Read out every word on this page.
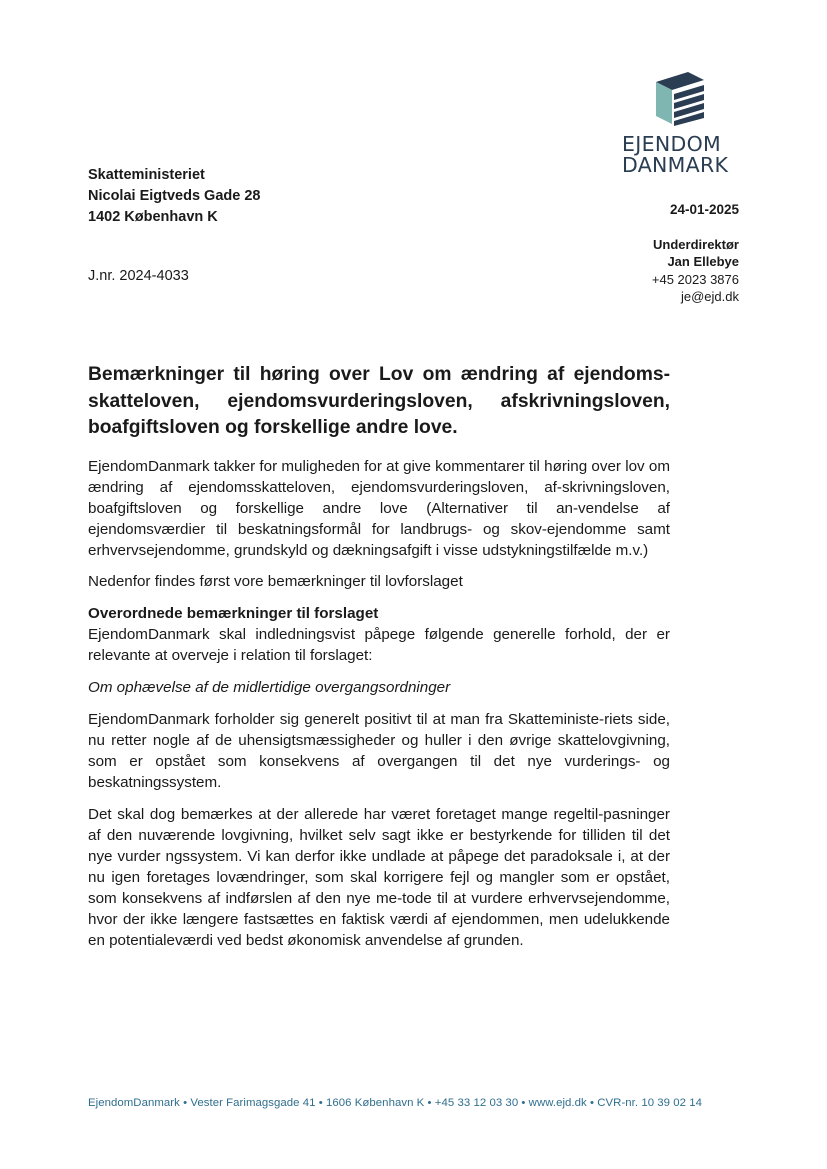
EJENDOM
DANMARK
Skatteministeriet
Nicolai Eigtveds Gade 28
1402 København K
J.nr. 2024-4033
24-01-2025
Underdirektør
Jan Ellebye
+45 2023 3876
je@ejd.dk
Bemærkninger til høring over Lov om ændring af ejendoms-skatteloven, ejendomsvurderingsloven, afskrivningsloven, boafgiftsloven og forskellige andre love.

EjendomDanmark takker for muligheden for at give kommentarer til høring over lov om ændring af ejendomsskatteloven, ejendomsvurderingsloven, af-skrivningsloven, boafgiftsloven og forskellige andre love (Alternativer til an-vendelse af ejendomsværdier til beskatningsformål for landbrugs- og skov-ejendomme samt erhvervsejendomme, grundskyld og dækningsafgift i visse udstykningstilfælde m.v.)

Nedenfor findes først vore bemærkninger til lovforslaget

Overordnede bemærkninger til forslaget

EjendomDanmark skal indledningsvist påpege følgende generelle forhold, der er relevante at overveje i relation til forslaget:

Om ophævelse af de midlertidige overgangsordninger

EjendomDanmark forholder sig generelt positivt til at man fra Skatteministe-riets side, nu retter nogle af de uhensigtsmæssigheder og huller i den øvrige skattelovgivning, som er opstået som konsekvens af overgangen til det nye vurderings- og beskatningssystem.

Det skal dog bemærkes at der allerede har været foretaget mange regeltil-pasninger af den nuværende lovgivning, hvilket selv sagt ikke er bestyrkende for tilliden til det nye vurder ngssystem. Vi kan derfor ikke undlade at påpege det paradoksale i, at der nu igen foretages lovændringer, som skal korrigere fejl og mangler som er opstået, som konsekvens af indførslen af den nye me-tode til at vurdere erhvervsejendomme, hvor der ikke længere fastsættes en faktisk værdi af ejendommen, men udelukkende en potentialeværdi ved bedst økonomisk anvendelse af grunden.

EjendomDanmark • Vester Farimagsgade 41 • 1606 København K • +45 33 12 03 30 • www.ejd.dk • CVR-nr. 10 39 02 14
